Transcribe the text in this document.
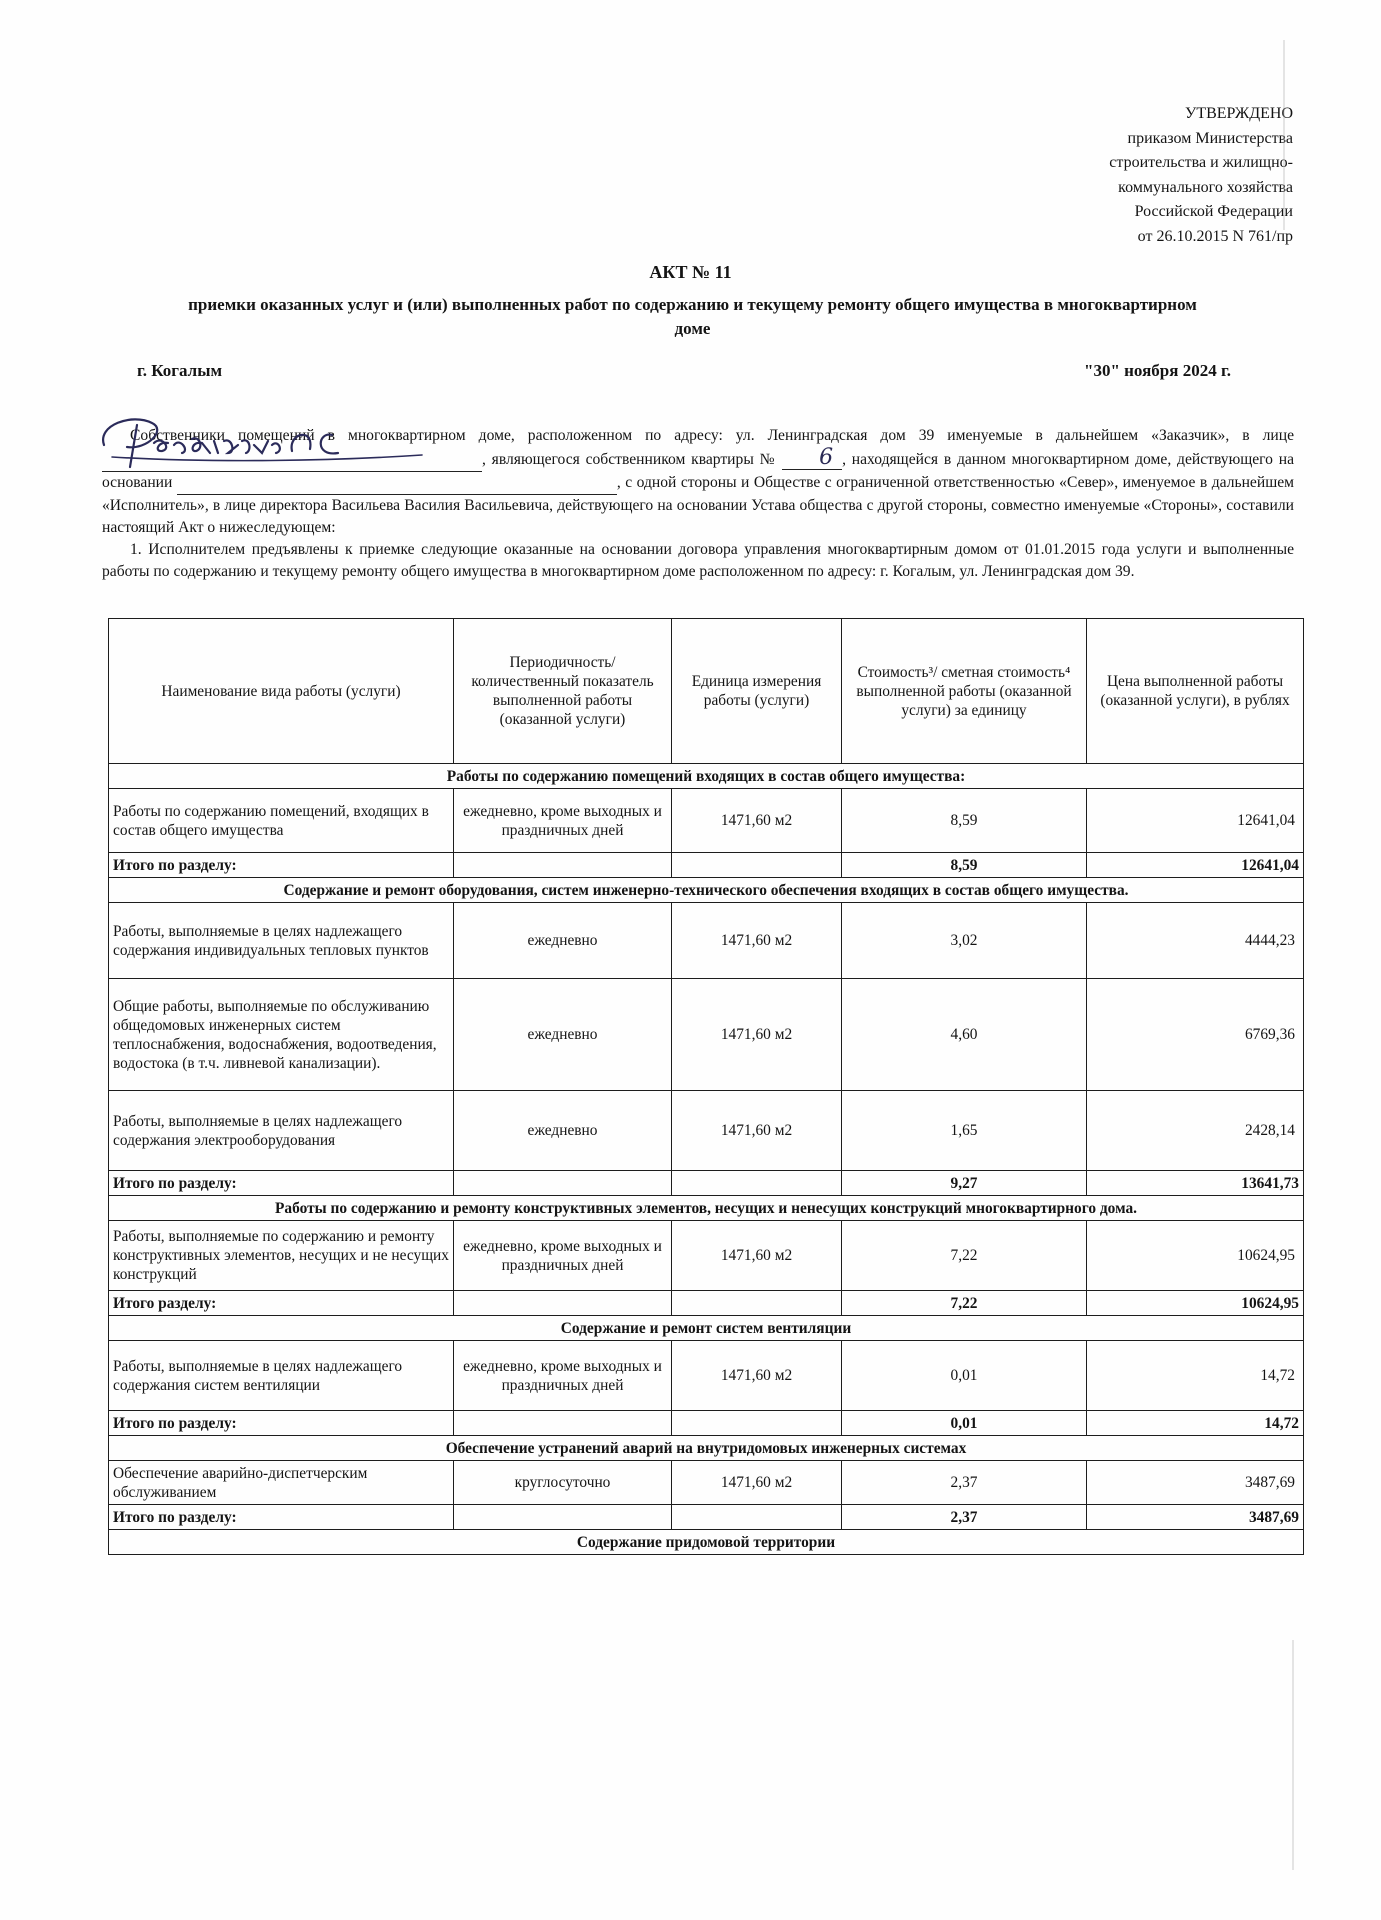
УТВЕРЖДЕНО
приказом Министерства
строительства и жилищно-
коммунального хозяйства
Российской Федерации
от 26.10.2015 N 761/пр
АКТ № 11
приемки оказанных услуг и (или) выполненных работ по содержанию и текущему ремонту общего имущества в многоквартирном доме
г. Когалым	"30" ноября 2024 г.

Собственники помещений в многоквартирном доме, расположенном по адресу: ул. Ленинградская дом 39 именуемые в дальнейшем «Заказчик», в лице  , являющегося собственником квартиры № 6 , находящейся в данном многоквартирном доме, действующего на основании	, с одной стороны и Обществе с ограниченной ответственностью «Север», именуемое в дальнейшем «Исполнитель», в лице директора Васильева Василия Васильевича, действующего на основании Устава общества с другой стороны, совместно именуемые «Стороны», составили настоящий Акт о нижеследующем:

1. Исполнителем предъявлены к приемке следующие оказанные на основании договора управления многоквартирным домом от 01.01.2015 года услуги и выполненные работы по содержанию и текущему ремонту общего имущества в многоквартирном доме расположенном по адресу: г. Когалым, ул. Ленинградская дом 39.

Поповичева Е.С.
Наименование вида работы (услуги)	Периодичность/ количественный показатель выполненной работы (оказанной услуги)	Единица измерения работы (услуги)	Стоимость³/ сметная стоимость⁴ выполненной работы (оказанной услуги) за единицу	Цена выполненной работы (оказанной услуги), в рублях
Работы по содержанию помещений входящих в состав общего имущества:				
Работы по содержанию помещений, входящих в состав общего имущества	ежедневно, кроме выходных и праздничных дней	1471,60 м2	8,59	12641,04
Итого по разделу:			8,59	12641,04
Содержание и ремонт оборудования, систем инженерно-технического обеспечения входящих в состав общего имущества.				
Работы, выполняемые в целях надлежащего содержания индивидуальных тепловых пунктов	ежедневно	1471,60 м2	3,02	4444,23
Общие работы, выполняемые по обслуживанию общедомовых инженерных систем теплоснабжения, водоснабжения, водоотведения, водостока (в т.ч. ливневой канализации).	ежедневно	1471,60 м2	4,60	6769,36
Работы, выполняемые в целях надлежащего содержания электрооборудования	ежедневно	1471,60 м2	1,65	2428,14
Итого по разделу:			9,27	13641,73
Работы по содержанию и ремонту конструктивных элементов, несущих и ненесущих конструкций многоквартирного дома.				
Работы, выполняемые по содержанию и ремонту конструктивных элементов, несущих и не несущих конструкций	ежедневно, кроме выходных и праздничных дней	1471,60 м2	7,22	10624,95
Итого разделу:			7,22	10624,95
Содержание и ремонт систем вентиляции				
Работы, выполняемые в целях надлежащего содержания систем вентиляции	ежедневно, кроме выходных и праздничных дней	1471,60 м2	0,01	14,72
Итого по разделу:			0,01	14,72
Обеспечение устранений аварий на внутридомовых инженерных системах				
Обеспечение аварийно-диспетчерским обслуживанием	круглосуточно	1471,60 м2	2,37	3487,69
Итого по разделу:			2,37	3487,69
Содержание придомовой территории				
